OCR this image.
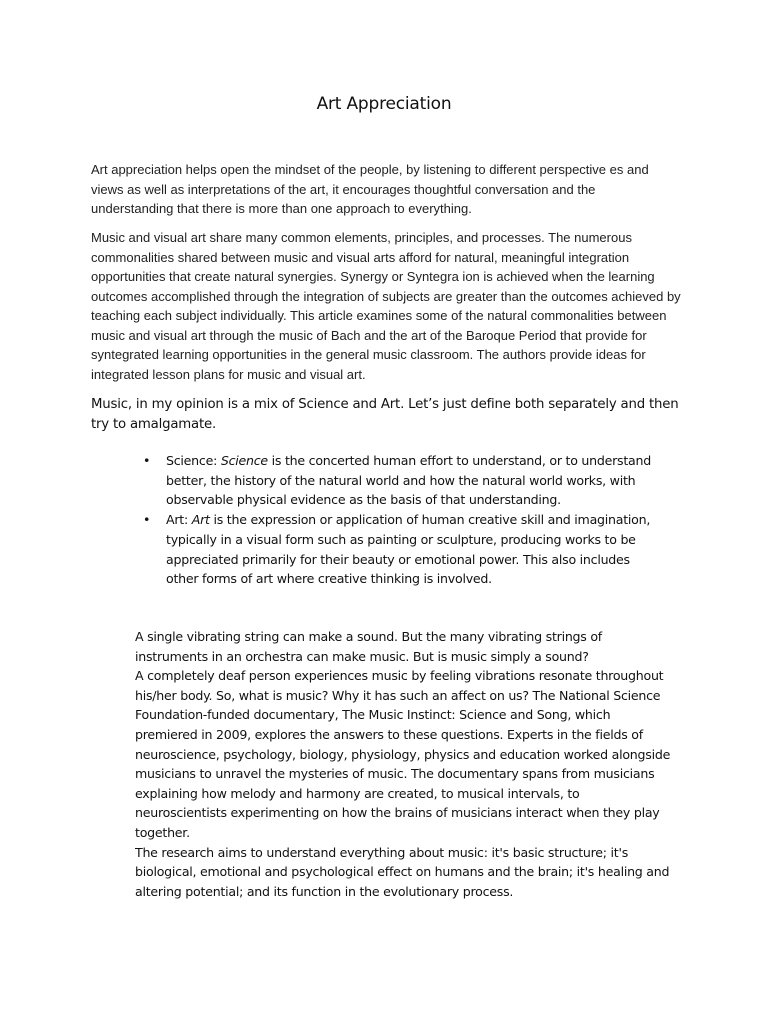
Art Appreciation

Art appreciation helps open the mindset of the people, by listening to different perspective es and views as well as interpretations of the art, it encourages thoughtful conversation and the understanding that there is more than one approach to everything.

Music and visual art share many common elements, principles, and processes. The numerous commonalities shared between music and visual arts afford for natural, meaningful integration opportunities that create natural synergies. Synergy or Syntegra ion is achieved when the learning outcomes accomplished through the integration of subjects are greater than the outcomes achieved by teaching each subject individually. This article examines some of the natural commonalities between music and visual art through the music of Bach and the art of the Baroque Period that provide for syntegrated learning opportunities in the general music classroom. The authors provide ideas for integrated lesson plans for music and visual art.

Music, in my opinion is a mix of Science and Art. Let’s just define both separately and then try to amalgamate.

• Science: Science is the concerted human effort to understand, or to understand better, the history of the natural world and how the natural world works, with observable physical evidence as the basis of that understanding.
• Art: Art is the expression or application of human creative skill and imagination, typically in a visual form such as painting or sculpture, producing works to be appreciated primarily for their beauty or emotional power. This also includes other forms of art where creative thinking is involved.

A single vibrating string can make a sound. But the many vibrating strings of instruments in an orchestra can make music. But is music simply a sound?

A completely deaf person experiences music by feeling vibrations resonate throughout his/her body. So, what is music? Why it has such an affect on us? The National Science Foundation-funded documentary, The Music Instinct: Science and Song, which premiered in 2009, explores the answers to these questions. Experts in the fields of neuroscience, psychology, biology, physiology, physics and education worked alongside musicians to unravel the mysteries of music. The documentary spans from musicians explaining how melody and harmony are created, to musical intervals, to neuroscientists experimenting on how the brains of musicians interact when they play together.

The research aims to understand everything about music: it's basic structure; it's biological, emotional and psychological effect on humans and the brain; it's healing and altering potential; and its function in the evolutionary process.
